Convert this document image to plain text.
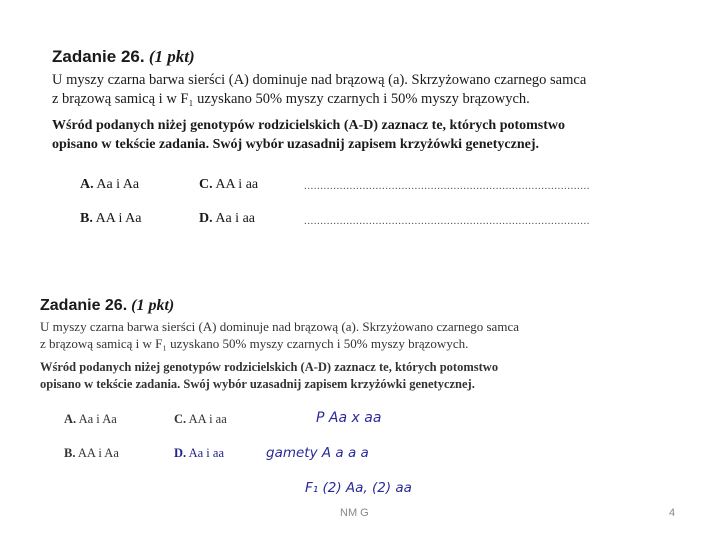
Zadanie 26. (1 pkt)
U myszy czarna barwa sierści (A) dominuje nad brązową (a). Skrzyżowano czarnego samca
z brązową samicą i w F₁ uzyskano 50% myszy czarnych i 50% myszy brązowych.
Wśród podanych niżej genotypów rodzicielskich (A-D) zaznacz te, których potomstwo
opisano w tekście zadania. Swój wybór uzasadnij zapisem krzyżówki genetycznej.
A. Aa i Aa	C. AA i aa	........................................................................................
B. AA i Aa	D. Aa i aa	........................................................................................
Zadanie 26. (1 pkt)
U myszy czarna barwa sierści (A) dominuje nad brązową (a). Skrzyżowano czarnego samca
z brązową samicą i w F₁ uzyskano 50% myszy czarnych i 50% myszy brązowych.
Wśród podanych niżej genotypów rodzicielskich (A-D) zaznacz te, których potomstwo
opisano w tekście zadania. Swój wybór uzasadnij zapisem krzyżówki genetycznej.
A. Aa i Aa	C. AA i aa	P Aa x aa
B. AA i Aa	D. Aa i aa	gamety A a a a
F₁ (2) Aa, (2) aa
NM G	4
